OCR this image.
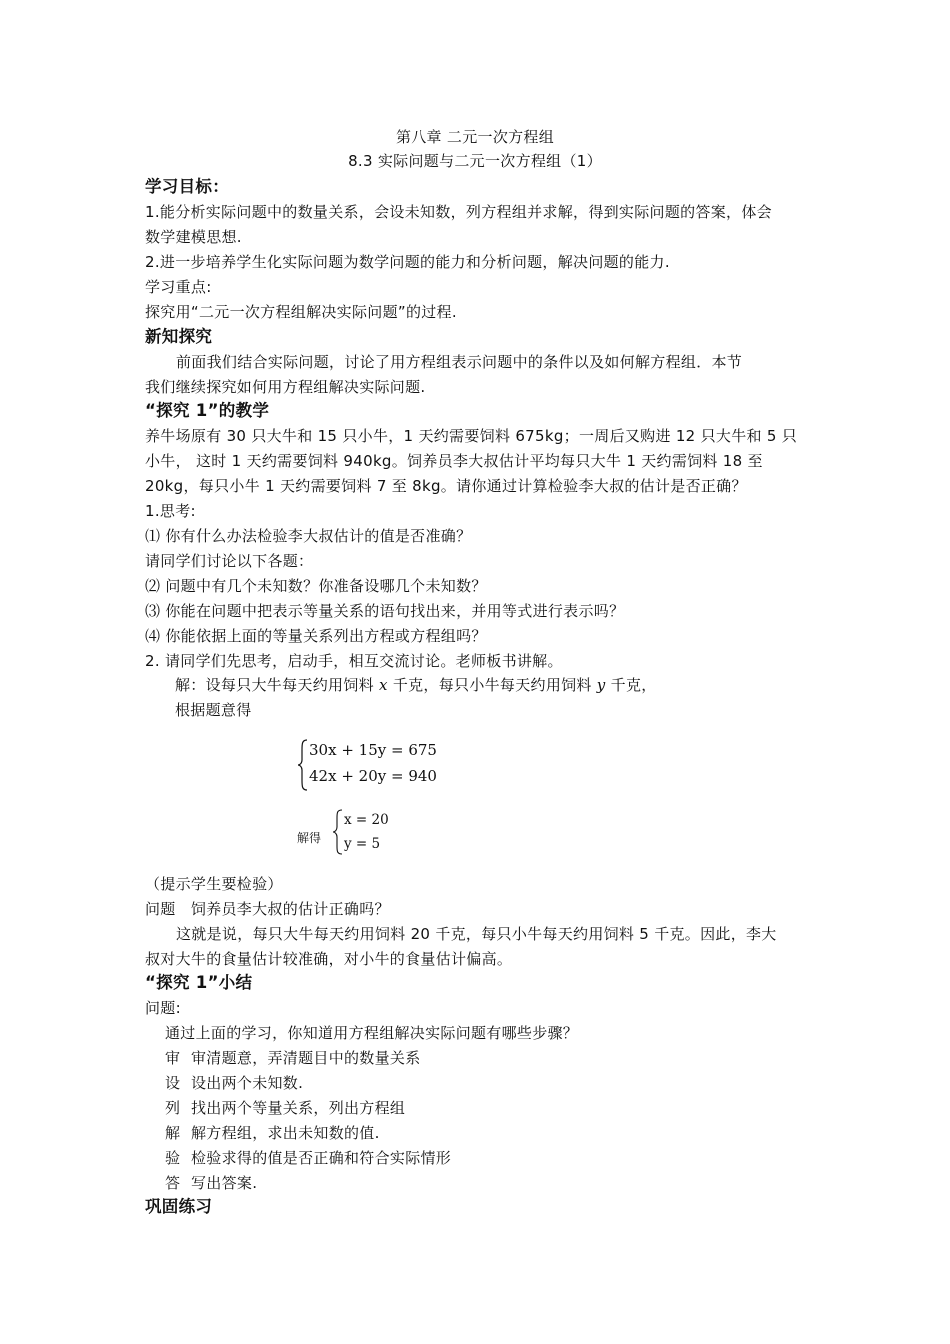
第八章 二元一次方程组
8.3 实际问题与二元一次方程组（1）
学习目标：
1.能分析实际问题中的数量关系，会设未知数，列方程组并求解，得到实际问题的答案，体会
数学建模思想.
2.进一步培养学生化实际问题为数学问题的能力和分析问题，解决问题的能力.
学习重点:
探究用“二元一次方程组解决实际问题”的过程.
新知探究
前面我们结合实际问题，讨论了用方程组表示问题中的条件以及如何解方程组．本节
我们继续探究如何用方程组解决实际问题.
“探究 1”的教学
养牛场原有 30 只大牛和 15 只小牛，1 天约需要饲料 675kg；一周后又购进 12 只大牛和 5 只
小牛， 这时 1 天约需要饲料 940kg。饲养员李大叔估计平均每只大牛 1 天约需饲料 18 至
20kg，每只小牛 1 天约需要饲料 7 至 8kg。请你通过计算检验李大叔的估计是否正确？
1.思考:
⑴ 你有什么办法检验李大叔估计的值是否准确？
请同学们讨论以下各题：
⑵ 问题中有几个未知数？你准备设哪几个未知数？
⑶ 你能在问题中把表示等量关系的语句找出来，并用等式进行表示吗？
⑷ 你能依据上面的等量关系列出方程或方程组吗？
2. 请同学们先思考，启动手，相互交流讨论。老师板书讲解。
解：设每只大牛每天约用饲料 x 千克，每只小牛每天约用饲料 y 千克，
根据题意得
30x + 15y = 675
42x + 20y = 940
解得
x = 20
y = 5
（提示学生要检验）
问题　饲养员李大叔的估计正确吗？
这就是说，每只大牛每天约用饲料 20 千克，每只小牛每天约用饲料 5 千克。因此，李大
叔对大牛的食量估计较准确，对小牛的食量估计偏高。
“探究 1”小结
问题:
通过上面的学习，你知道用方程组解决实际问题有哪些步骤？
审 审清题意，弄清题目中的数量关系
设 设出两个未知数.
列 找出两个等量关系，列出方程组
解 解方程组，求出未知数的值.
验 检验求得的值是否正确和符合实际情形
答 写出答案.
巩固练习
